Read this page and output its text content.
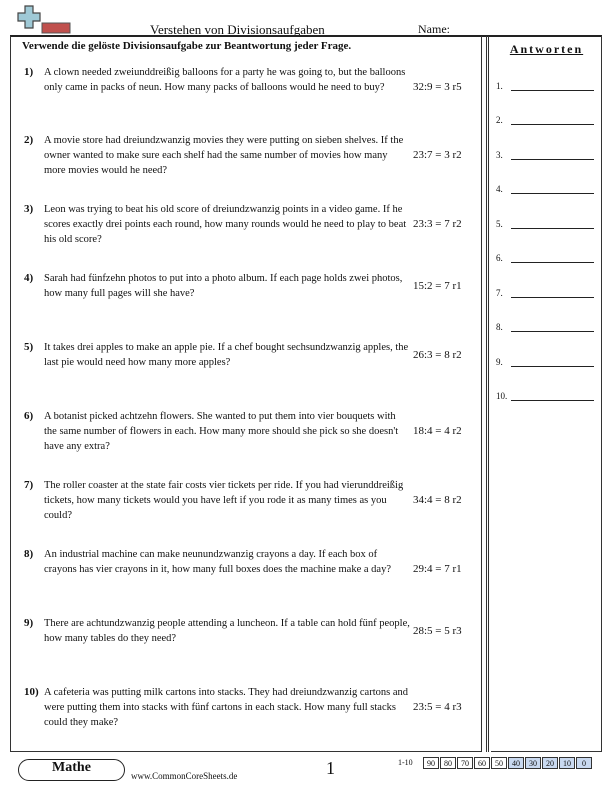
Verstehen von Divisionsaufgaben	Name:
Verwende die gelöste Divisionsaufgabe zur Beantwortung jeder Frage.	Antworten
1) A clown needed zweiunddreißig balloons for a party he was going to, but the balloons only came in packs of neun. How many packs of balloons would he need to buy?	32:9 = 3 r5
2) A movie store had dreiundzwanzig movies they were putting on sieben shelves. If the owner wanted to make sure each shelf had the same number of movies how many more movies would he need?
23:7 = 3 r2
3) Leon was trying to beat his old score of dreiundzwanzig points in a video game. If he scores exactly drei points each round, how many rounds would he need to play to beat his old score?
23:3 = 7 r2
4) Sarah had fünfzehn photos to put into a photo album. If each page holds zwei photos, how many full pages will she have?
15:2 = 7 r1
5) It takes drei apples to make an apple pie. If a chef bought sechsundzwanzig apples, the last pie would need how many more apples?
26:3 = 8 r2
6) A botanist picked achtzehn flowers. She wanted to put them into vier bouquets with the same number of flowers in each. How many more should she pick so she doesn't have any extra?
18:4 = 4 r2
7) The roller coaster at the state fair costs vier tickets per ride. If you had vierunddreißig tickets, how many tickets would you have left if you rode it as many times as you could?
34:4 = 8 r2
8) An industrial machine can make neunundzwanzig crayons a day. If each box of crayons has vier crayons in it, how many full boxes does the machine make a day?	29:4 = 7 r1
9) There are achtundzwanzig people attending a luncheon. If a table can hold fünf people, how many tables do they need?
28:5 = 5 r3
10) A cafeteria was putting milk cartons into stacks. They had dreiundzwanzig cartons and were putting them into stacks with fünf cartons in each stack. How many full stacks could they make?
23:5 = 4 r3
1.
2.
3.
4.
5.
6.
7.
8.
9.
10.
Mathe
www.CommonCoreSheets.de	1	1-10	90	80	70	60	50	40	30	20	10	0
